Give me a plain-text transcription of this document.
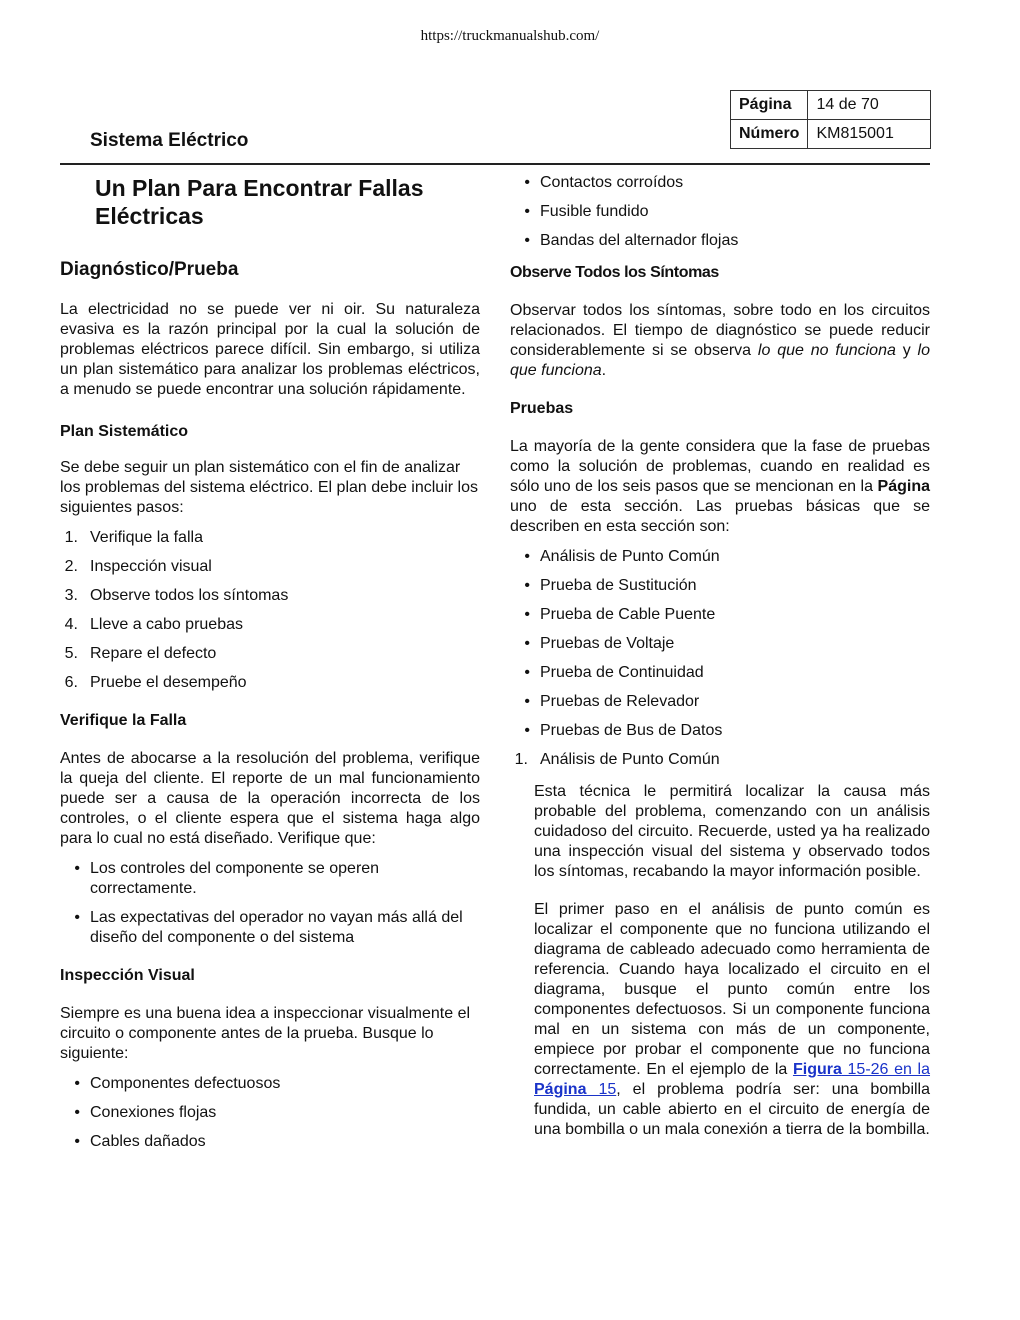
https://truckmanualshub.com/
Sistema Eléctrico
Página	14 de 70
Número	KM815001
Un Plan Para Encontrar Fallas
Eléctricas
Diagnóstico/Prueba

La electricidad no se puede ver ni oir. Su naturaleza evasiva es la razón principal por la cual la solución de problemas eléctricos parece difícil. Sin embargo, si utiliza un plan sistemático para analizar los problemas eléctricos, a menudo se puede encontrar una solución rápidamente.

Plan Sistemático

Se debe seguir un plan sistemático con el fin de analizar los problemas del sistema eléctrico. El plan debe incluir los siguientes pasos:

1. Verifique la falla
2. Inspección visual
3. Observe todos los síntomas
4. Lleve a cabo pruebas
5. Repare el defecto
6. Pruebe el desempeño
Verifique la Falla

Antes de abocarse a la resolución del problema, verifique la queja del cliente. El reporte de un mal funcionamiento puede ser a causa de la operación incorrecta de los controles, o el cliente espera que el sistema haga algo para lo cual no está diseñado. Verifique que:

• Los controles del componente se operen correctamente.
• Las expectativas del operador no vayan más allá del diseño del componente o del sistema
Inspección Visual

Siempre es una buena idea a inspeccionar visualmente el circuito o componente antes de la prueba. Busque lo siguiente:

• Componentes defectuosos
• Conexiones flojas
• Cables dañados
• Contactos corroídos
• Fusible fundido
• Bandas del alternador flojas
Observe Todos los Síntomas

Observar todos los síntomas, sobre todo en los circuitos relacionados. El tiempo de diagnóstico se puede reducir considerablemente si se observa lo que no funciona y lo que funciona.

Pruebas

La mayoría de la gente considera que la fase de pruebas como la solución de problemas, cuando en realidad es sólo uno de los seis pasos que se mencionan en la Página uno de esta sección. Las pruebas básicas que se describen en esta sección son:

• Análisis de Punto Común
• Prueba de Sustitución
• Prueba de Cable Puente
• Pruebas de Voltaje
• Prueba de Continuidad
• Pruebas de Relevador
• Pruebas de Bus de Datos
1. Análisis de Punto Común

Esta técnica le permitirá localizar la causa más probable del problema, comenzando con un análisis cuidadoso del circuito. Recuerde, usted ya ha realizado una inspección visual del sistema y observado todos los síntomas, recabando la mayor información posible.

El primer paso en el análisis de punto común es localizar el componente que no funciona utilizando el diagrama de cableado adecuado como herramienta de referencia. Cuando haya localizado el circuito en el diagrama, busque el punto común entre los componentes defectuosos. Si un componente funciona mal en un sistema con más de un componente, empiece por probar el componente que no funciona correctamente. En el ejemplo de la Figura 15-26 en la Página 15, el problema podría ser: una bombilla fundida, un cable abierto en el circuito de energía de una bombilla o un mala conexión a tierra de la bombilla.
